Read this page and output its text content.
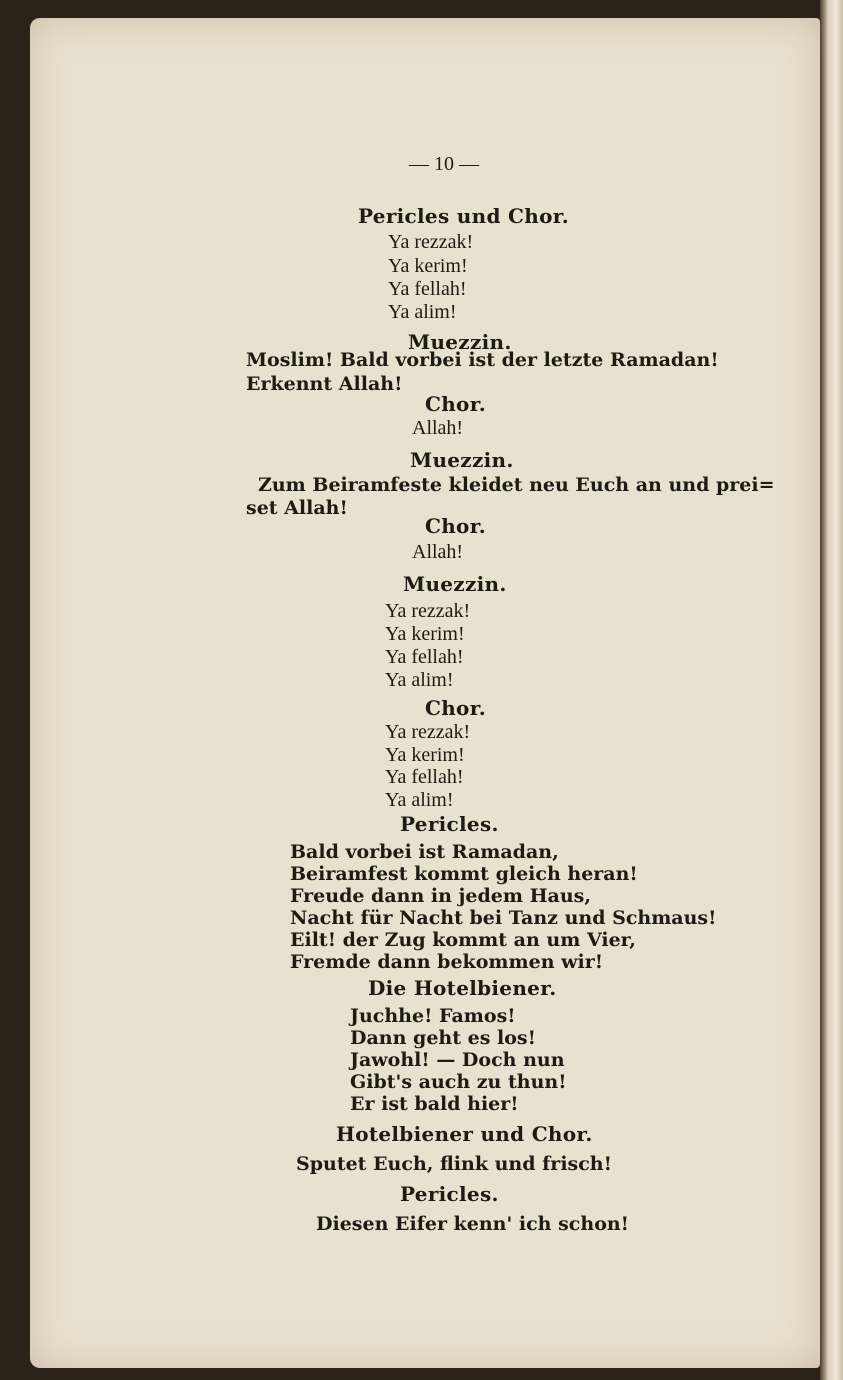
— 10 —
Pericles und Chor.
Ya rezzak!
Ya kerim!
Ya fellah!
Ya alim!
Muezzin.
Moslim! Bald vorbei ist der letzte Ramadan!
Erkennt Allah!
Chor.
Allah!
Muezzin.
Zum Beiramfeste kleidet neu Euch an und prei=
set Allah!
Chor.
Allah!
Muezzin.
Ya rezzak!
Ya kerim!
Ya fellah!
Ya alim!
Chor.
Ya rezzak!
Ya kerim!
Ya fellah!
Ya alim!
Pericles.
Bald vorbei ist Ramadan,
Beiramfest kommt gleich heran!
Freude dann in jedem Haus,
Nacht für Nacht bei Tanz und Schmaus!
Eilt! der Zug kommt an um Vier,
Fremde dann bekommen wir!
Die Hotelbiener.
Juchhe! Famos!
Dann geht es los!
Jawohl! — Doch nun
Gibt's auch zu thun!
Er ist bald hier!
Hotelbiener und Chor.
Sputet Euch, flink und frisch!
Pericles.
Diesen Eifer kenn' ich schon!
